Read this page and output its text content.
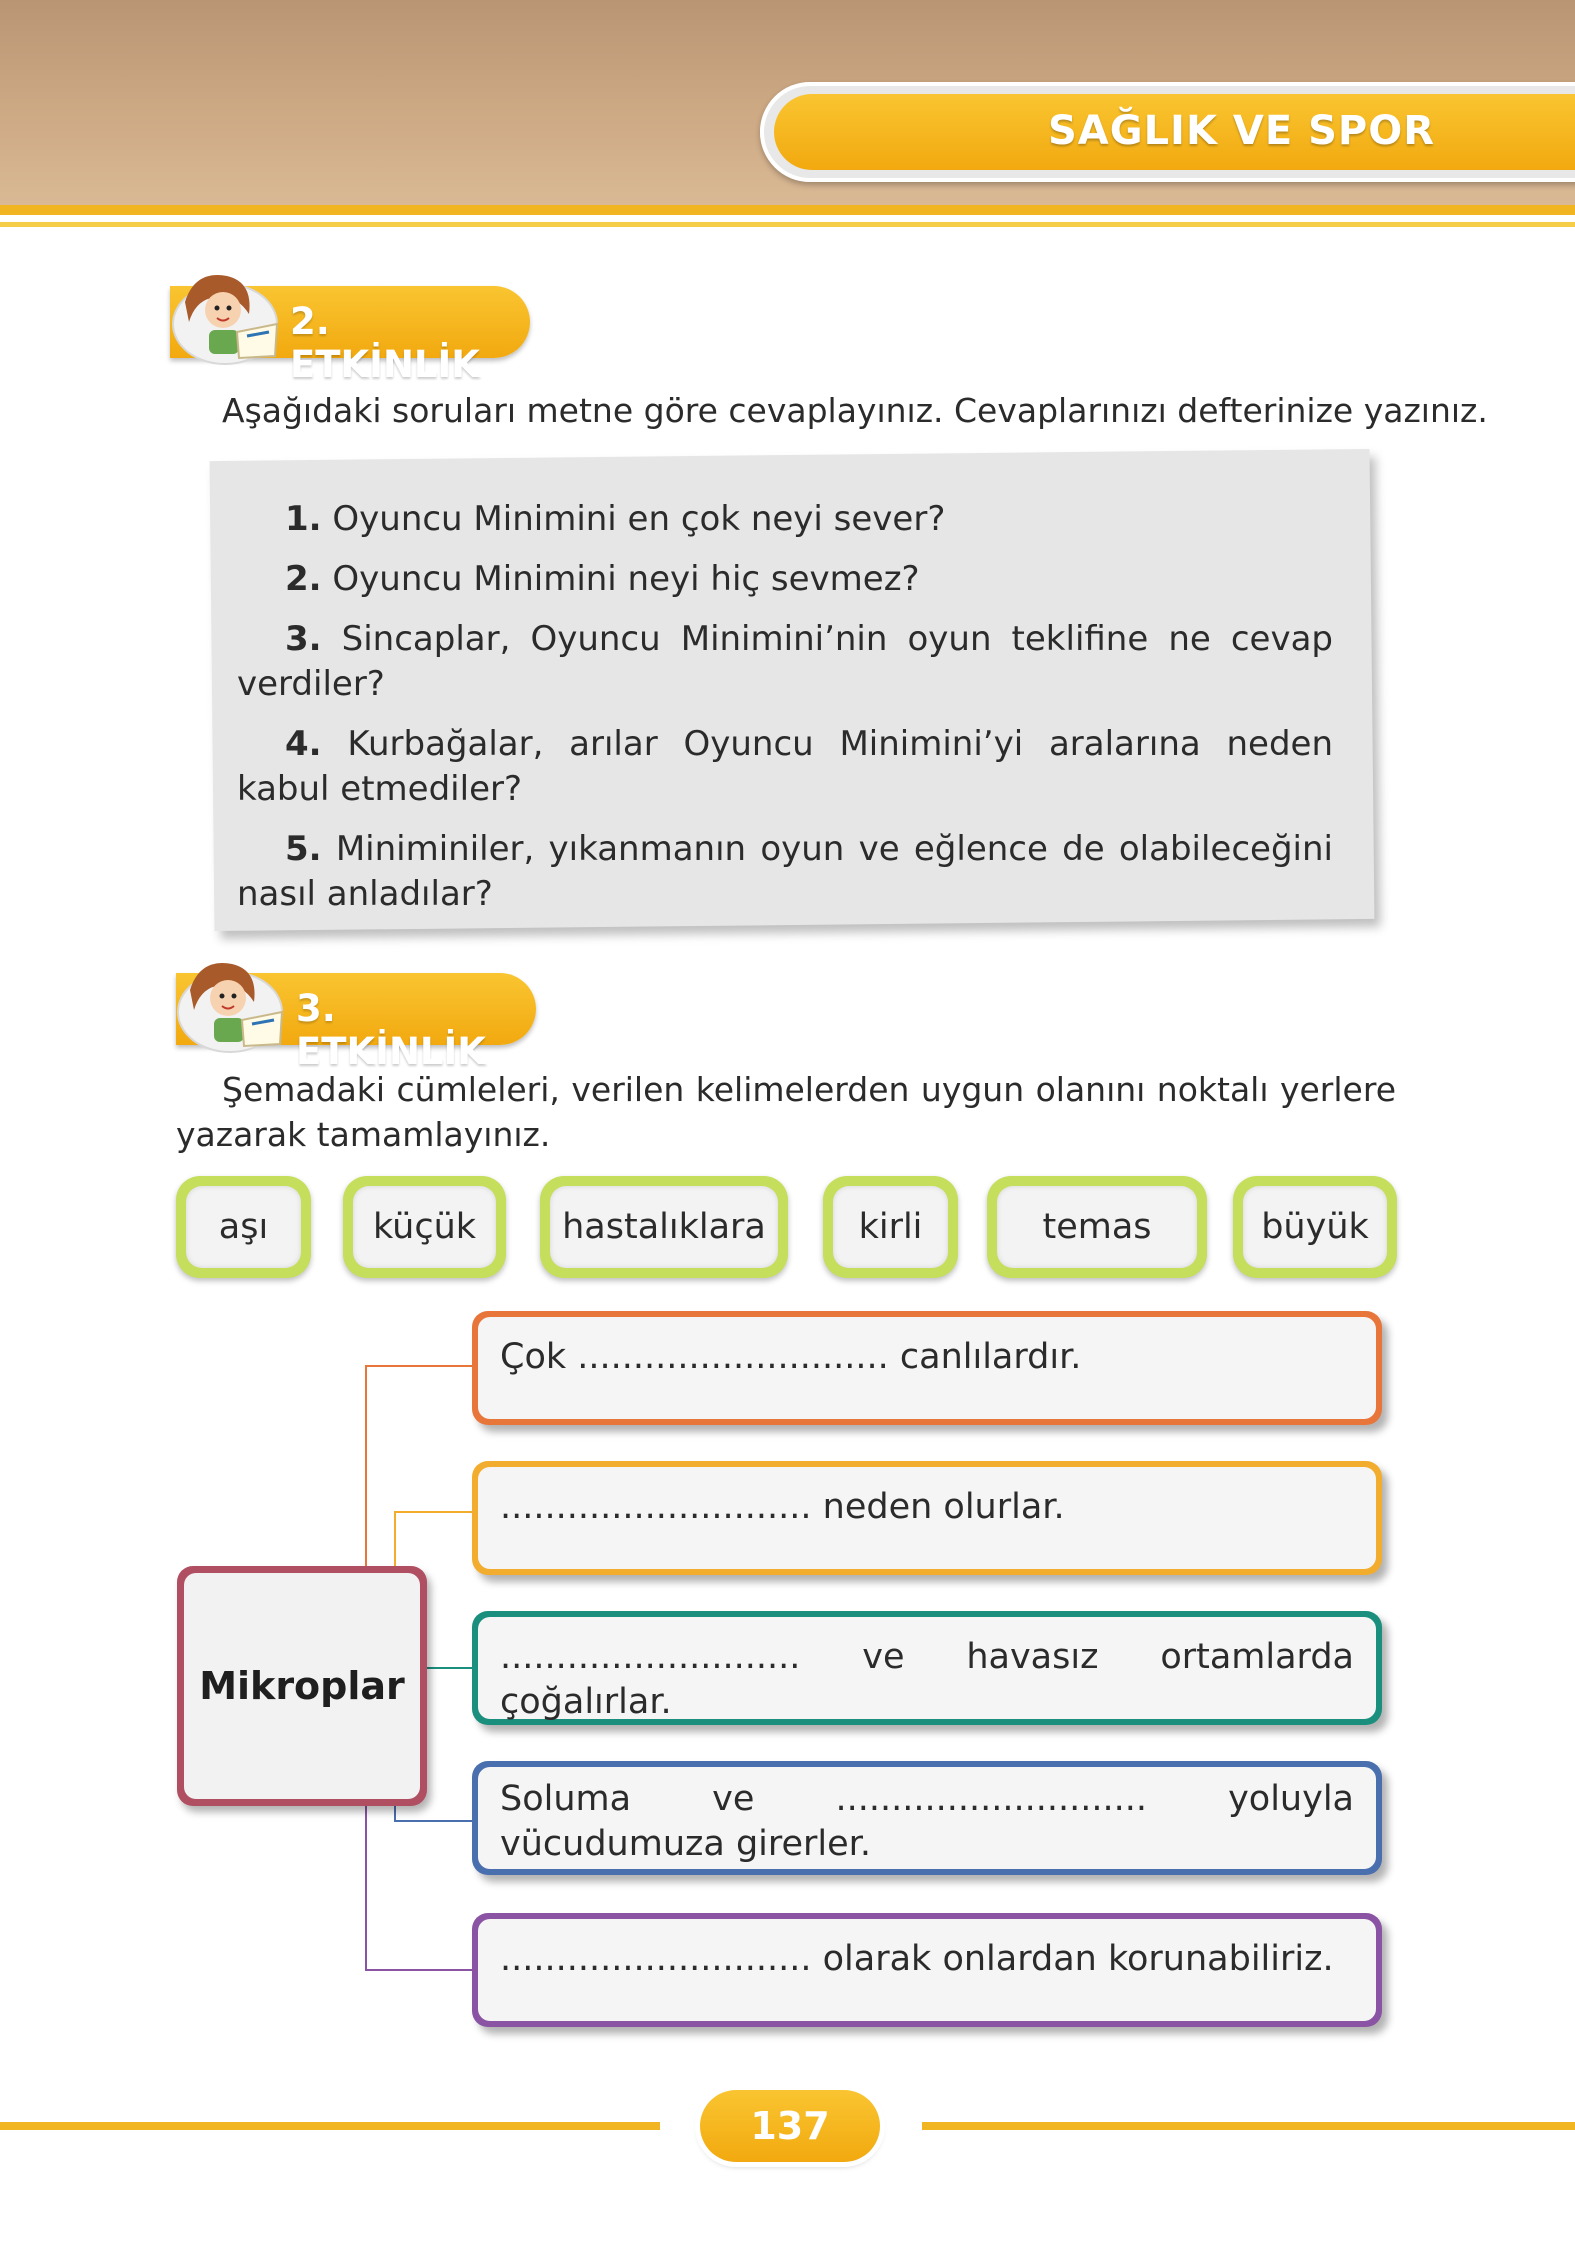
SAĞLIK VE SPOR
2. ETKİNLİK

Aşağıdaki soruları metne göre cevaplayınız. Cevaplarınızı defterinize yazınız.

1. Oyuncu Minimini en çok neyi sever?

2. Oyuncu Minimini neyi hiç sevmez?

3. Sincaplar, Oyuncu Minimini’nin oyun teklifine ne cevap verdiler?

4. Kurbağalar, arılar Oyuncu Minimini’yi aralarına neden kabul etmediler?

5. Miniminiler, yıkanmanın oyun ve eğlence de olabileceğini nasıl anladılar?

3. ETKİNLİK

Şemadaki cümleleri, verilen kelimelerden uygun olanını noktalı yerlere yazarak tamamlayınız.

aşı	küçük	hastalıklara	kirli	temas	büyük
Mikroplar
Çok ............................ canlılardır.
............................ neden olurlar.
........................... ve havasız ortamlarda çoğalırlar.
Soluma ve ............................ yoluyla vücudumuza girerler.
............................ olarak onlardan korunabiliriz.
137
